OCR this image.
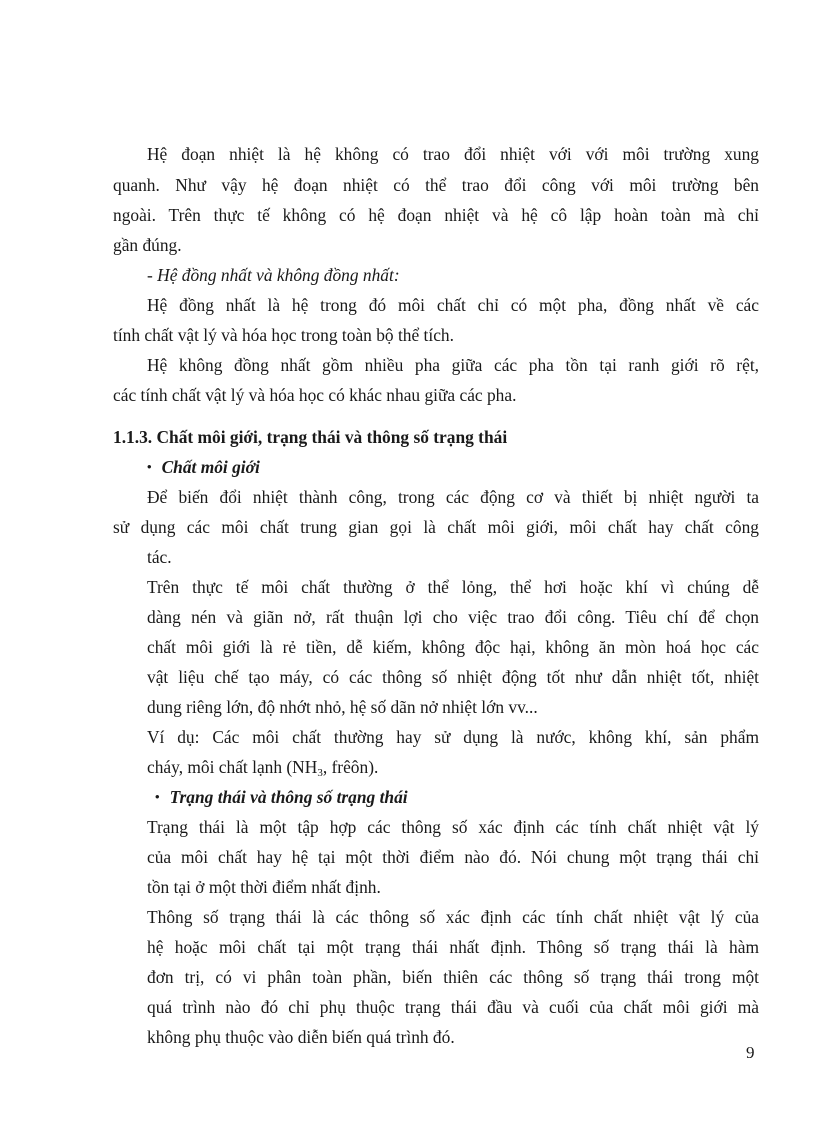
Hệ đoạn nhiệt là hệ không có trao đổi nhiệt với với môi trường xung
quanh. Như vậy hệ đoạn nhiệt có thể trao đổi công với môi trường bên
ngoài. Trên thực tế không có hệ đoạn nhiệt và hệ cô lập hoàn toàn mà chỉ
gần đúng.
- Hệ đồng nhất và không đồng nhất:
Hệ đồng nhất là hệ trong đó môi chất chỉ có một pha, đồng nhất về các
tính chất vật lý và hóa học trong toàn bộ thể tích.
Hệ không đồng nhất gồm nhiều pha giữa các pha tồn tại ranh giới rõ rệt,
các tính chất vật lý và hóa học có khác nhau giữa các pha.
1.1.3. Chất môi giới, trạng thái và thông số trạng thái
• Chất môi giới
Để biến đổi nhiệt thành công, trong các động cơ và thiết bị nhiệt người ta
sử dụng các môi chất trung gian gọi là chất môi giới, môi chất hay chất công
tác.
Trên thực tế môi chất thường ở thể lỏng, thể hơi hoặc khí vì chúng dễ
dàng nén và giãn nở, rất thuận lợi cho việc trao đổi công. Tiêu chí để chọn
chất môi giới là rẻ tiền, dễ kiếm, không độc hại, không ăn mòn hoá học các
vật liệu chế tạo máy, có các thông số nhiệt động tốt như dẫn nhiệt tốt, nhiệt
dung riêng lớn, độ nhớt nhỏ, hệ số dãn nở nhiệt lớn vv...
Ví dụ: Các môi chất thường hay sử dụng là nước, không khí, sản phẩm
cháy, môi chất lạnh ($NH_3$, frêôn).
• Trạng thái và thông số trạng thái
Trạng thái là một tập hợp các thông số xác định các tính chất nhiệt vật lý
của môi chất hay hệ tại một thời điểm nào đó. Nói chung một trạng thái chỉ
tồn tại ở một thời điểm nhất định.
Thông số trạng thái là các thông số xác định các tính chất nhiệt vật lý của
hệ hoặc môi chất tại một trạng thái nhất định. Thông số trạng thái là hàm
đơn trị, có vi phân toàn phần, biến thiên các thông số trạng thái trong một
quá trình nào đó chỉ phụ thuộc trạng thái đầu và cuối của chất môi giới mà
không phụ thuộc vào diễn biến quá trình đó.
9
